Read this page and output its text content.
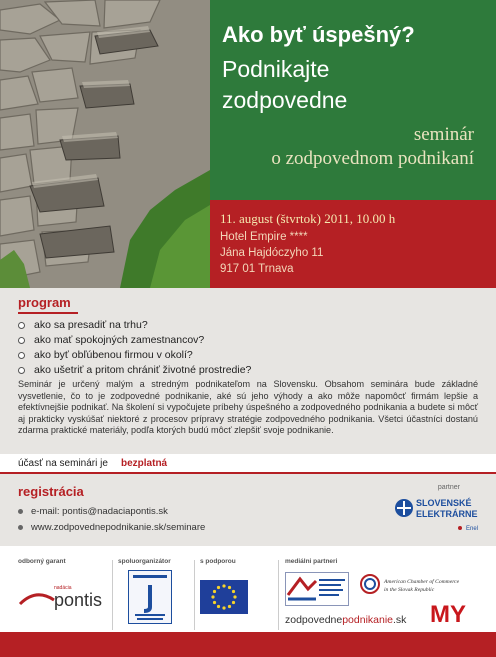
Ako byť úspešný?
Podnikajte
zodpovedne
seminár
o zodpovednom podnikaní
11. august (štvrtok) 2011, 10.00 h
Hotel Empire ****
Jána Hajdóczyho 11
917 01 Trnava
program
ako sa presadiť na trhu?
ako mať spokojných zamestnancov?
ako byť obľúbenou firmou v okolí?
ako ušetriť a pritom chrániť životné prostredie?

Seminár je určený malým a stredným podnikateľom na Slovensku. Obsahom seminára bude základné vysvetlenie, čo to je zodpovedné podnikanie, aké sú jeho výhody a ako môže napomôcť firmám lepšie a efektívnejšie podnikať. Na školení si vypočujete príbehy úspešného a zodpovedného podnikania a budete si môcť aj prakticky vyskúšať niektoré z procesov prípravy stratégie zodpovedného podnikania. Všetci účastníci dostanú zdarma praktické materiály, podľa ktorých budú môcť zlepšiť svoje podnikanie.

účasť na seminári je bezplatná
registrácia
e-mail: pontis@nadaciapontis.sk
www.zodpovednepodnikanie.sk/seminare
partner
SLOVENSKÉ
ELEKTRÁRNE
Enel
odborný garant	spoluorganizátor	s podporou	mediálni partneri
nadácia
pontis
American Chamber of Commerce
in the Slovak Republic
MY
zodpovednepodnikanie.sk
